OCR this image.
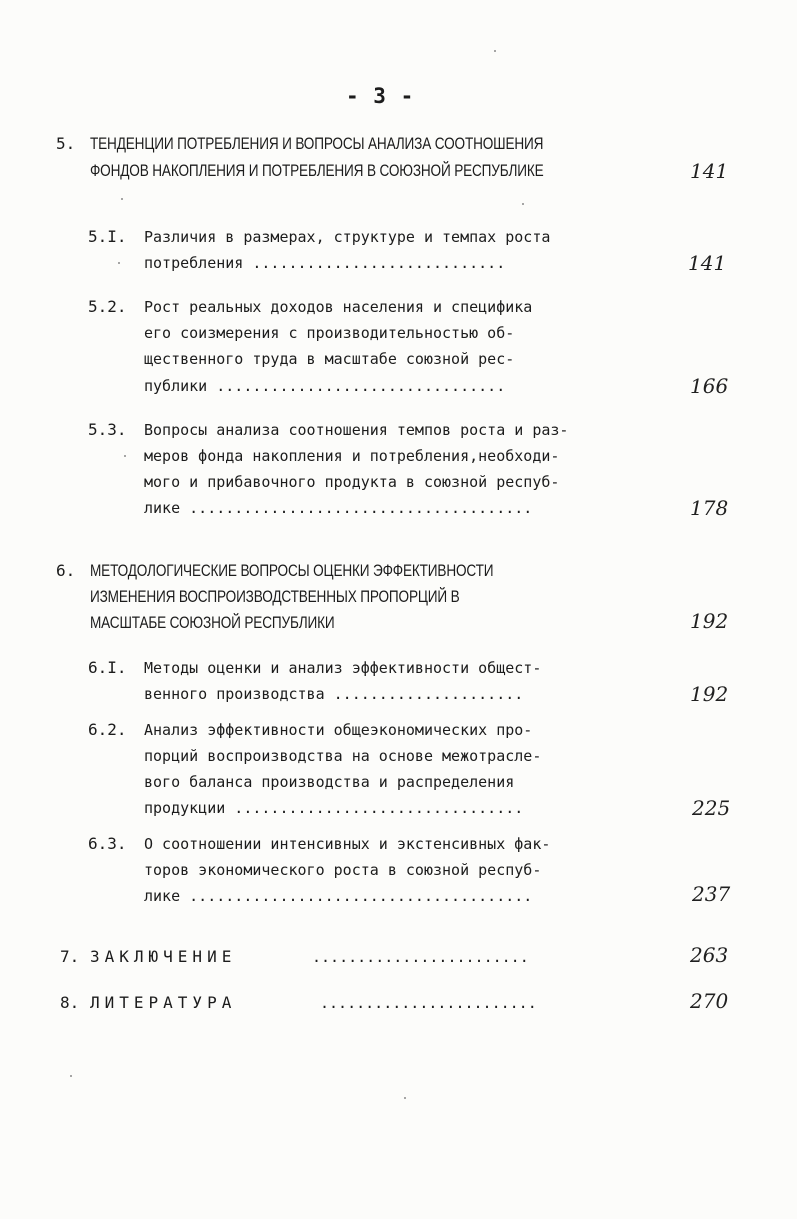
- 3 -
5. ТЕНДЕНЦИИ ПОТРЕБЛЕНИЯ И ВОПРОСЫ АНАЛИЗА СООТНОШЕНИЯ
ФОНДОВ НАКОПЛЕНИЯ И ПОТРЕБЛЕНИЯ В СОЮЗНОЙ РЕСПУБЛИКЕ	141
5.I. Различия в размерах, структуре и темпах роста
потребления ............................	141
5.2. Рост реальных доходов населения и специфика
его соизмерения с производительностью об-
щественного труда в масштабе союзной рес-
публики ................................	166
5.3. Вопросы анализа соотношения темпов роста и раз-
меров фонда накопления и потребления,необходи-
мого и прибавочного продукта в союзной респуб-
лике ......................................	178
6. МЕТОДОЛОГИЧЕСКИЕ ВОПРОСЫ ОЦЕНКИ ЭФФЕКТИВНОСТИ
ИЗМЕНЕНИЯ ВОСПРОИЗВОДСТВЕННЫХ ПРОПОРЦИЙ В
МАСШТАБЕ СОЮЗНОЙ РЕСПУБЛИКИ	192
6.I. Методы оценки и анализ эффективности общест-
венного производства .....................	192
6.2. Анализ эффективности общеэкономических про-
порций воспроизводства на основе межотрасле-
вого баланса производства и распределения
продукции ................................	225
6.3. О соотношении интенсивных и экстенсивных фак-
торов экономического роста в союзной респуб-
лике ......................................	237
7. ЗАКЛЮЧЕНИЕ	........................	263
8. ЛИТЕРАТУРА	........................	270
